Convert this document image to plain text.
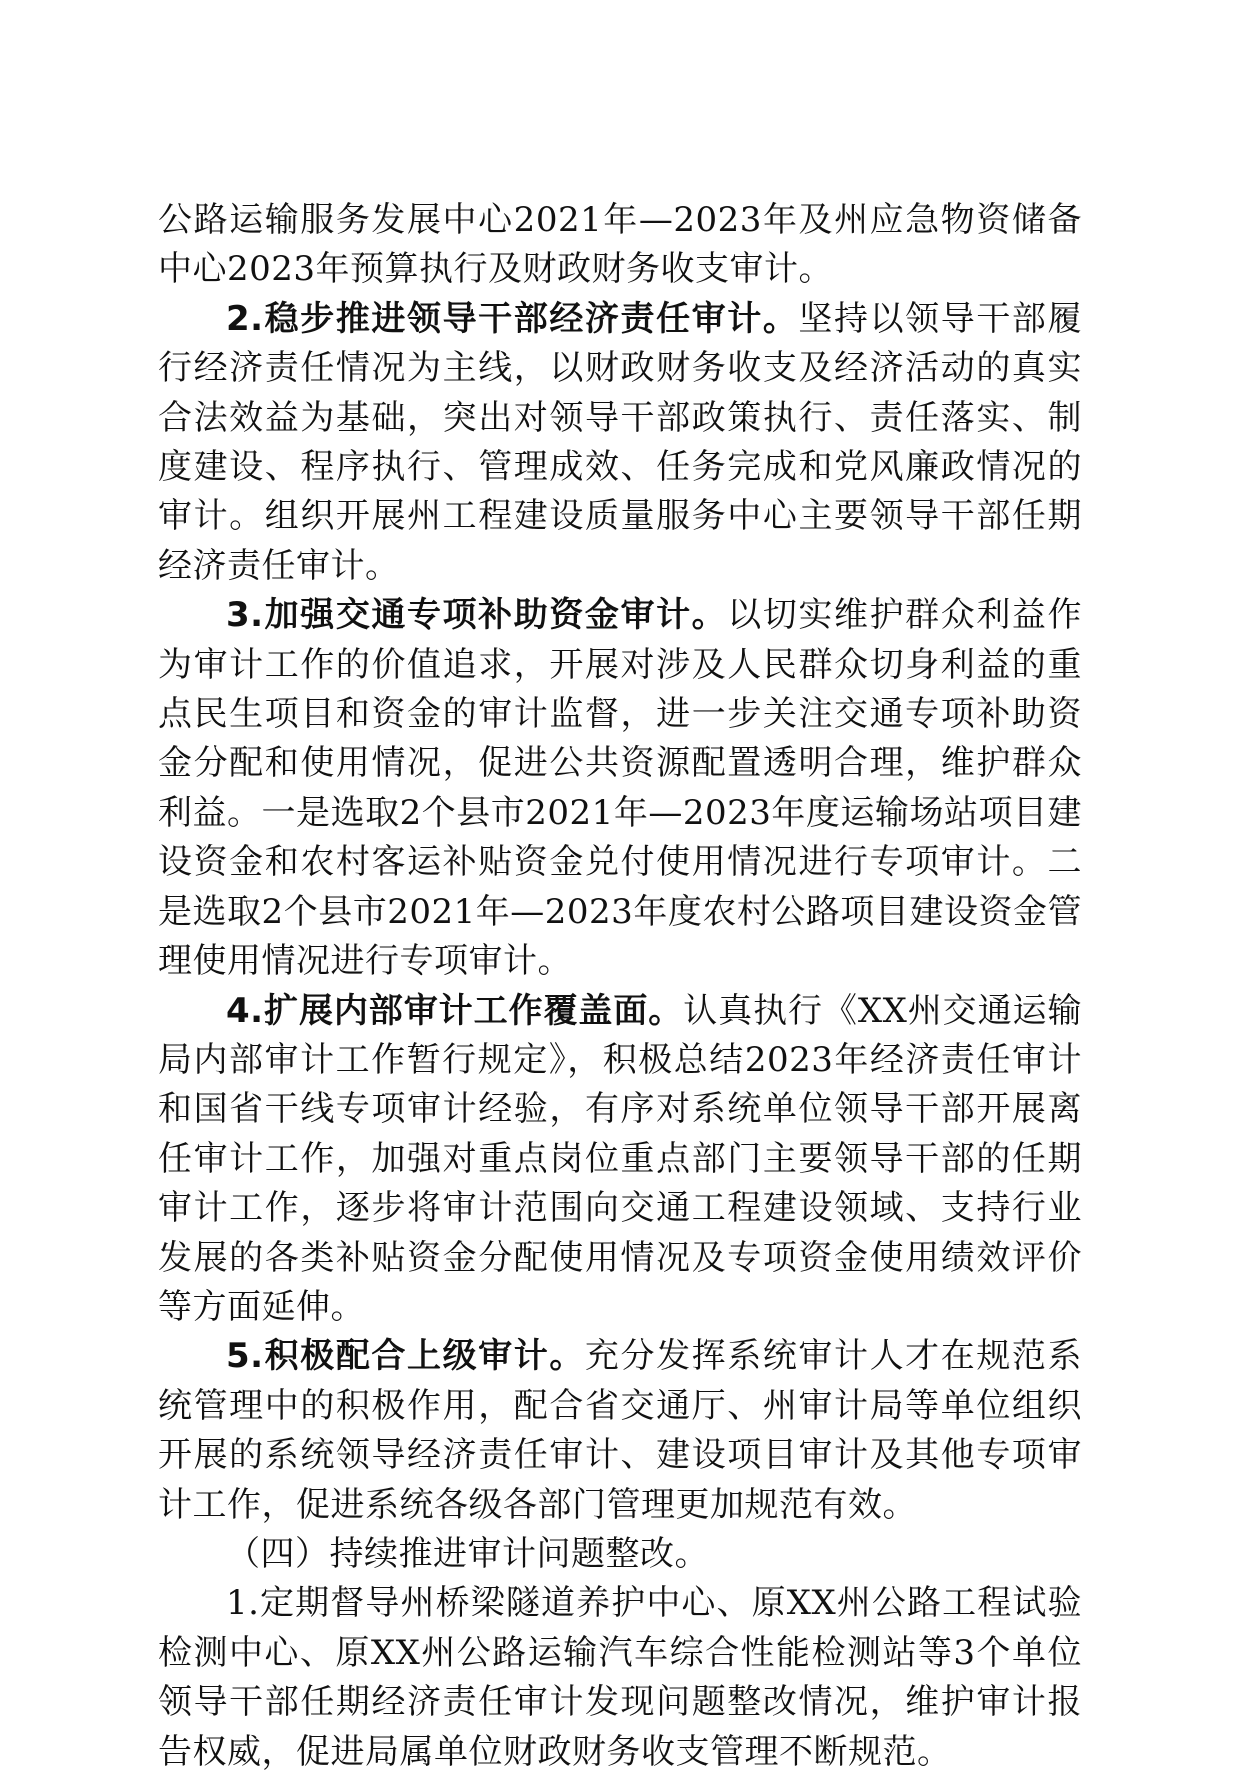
公路运输服务发展中心2021年—2023年及州应急物资储备中心2023年预算执行及财政财务收支审计。

2.稳步推进领导干部经济责任审计。坚持以领导干部履行经济责任情况为主线，以财政财务收支及经济活动的真实合法效益为基础，突出对领导干部政策执行、责任落实、制度建设、程序执行、管理成效、任务完成和党风廉政情况的审计。组织开展州工程建设质量服务中心主要领导干部任期经济责任审计。

3.加强交通专项补助资金审计。以切实维护群众利益作为审计工作的价值追求，开展对涉及人民群众切身利益的重点民生项目和资金的审计监督，进一步关注交通专项补助资金分配和使用情况，促进公共资源配置透明合理，维护群众利益。一是选取2个县市2021年—2023年度运输场站项目建设资金和农村客运补贴资金兑付使用情况进行专项审计。二是选取2个县市2021年—2023年度农村公路项目建设资金管理使用情况进行专项审计。

4.扩展内部审计工作覆盖面。认真执行《XX州交通运输局内部审计工作暂行规定》，积极总结2023年经济责任审计和国省干线专项审计经验，有序对系统单位领导干部开展离任审计工作，加强对重点岗位重点部门主要领导干部的任期审计工作，逐步将审计范围向交通工程建设领域、支持行业发展的各类补贴资金分配使用情况及专项资金使用绩效评价等方面延伸。

5.积极配合上级审计。充分发挥系统审计人才在规范系统管理中的积极作用，配合省交通厅、州审计局等单位组织开展的系统领导经济责任审计、建设项目审计及其他专项审计工作，促进系统各级各部门管理更加规范有效。

（四）持续推进审计问题整改。

1.定期督导州桥梁隧道养护中心、原XX州公路工程试验检测中心、原XX州公路运输汽车综合性能检测站等3个单位领导干部任期经济责任审计发现问题整改情况，维护审计报告权威，促进局属单位财政财务收支管理不断规范。
